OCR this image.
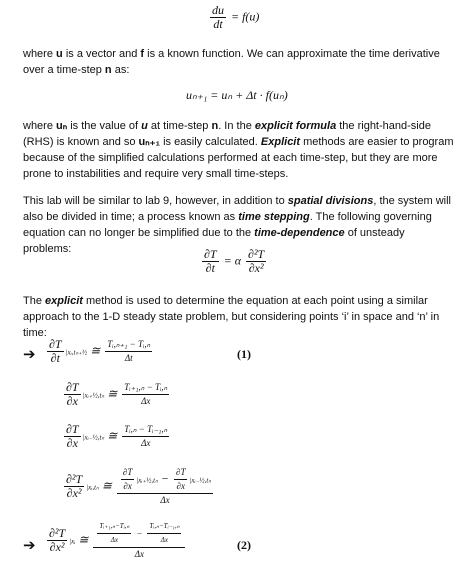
$\frac{du}{dt} = f(u)$
where u is a vector and f is a known function. We can approximate the time derivative over a time-step n as:
uₙ₊₁ = uₙ + Δt · f(uₙ)
where uₙ is the value of u at time-step n. In the explicit formula the right-hand-side (RHS) is known and so uₙ₊₁ is easily calculated. Explicit methods are easier to program because of the simplified calculations performed at each time-step, but they are more prone to instabilities and require very small time-steps.
This lab will be similar to lab 9, however, in addition to spatial divisions, the system will also be divided in time; a process known as time stepping. The following governing equation can no longer be simplified due to the time-dependence of unsteady problems:	$\frac{\partial T}{\partial t} = \alpha \frac{\text{∂²T}}{\text{∂x²}}$
The explicit method is used to determine the equation at each point using a similar approach to the 1-D steady state problem, but considering points ‘i’ in space and ‘n’ in time:
➔ $\frac{\partial T}{\partial t}$ |xᵢ,tₙ₊½ ≅ $\frac{\text{Tᵢ,ₙ₊₁ − Tᵢ,ₙ}}{\Delta t}$	(1)
$\frac{\partial T}{\partial x}$ |xᵢ₊½,tₙ ≅ $\frac{\text{Tᵢ₊₁,ₙ − Tᵢ,ₙ}}{\Delta x}$
$\frac{\partial T}{\partial x}$ |xᵢ₋½,tₙ ≅ $\frac{\text{Tᵢ,ₙ − Tᵢ₋₁,ₙ}}{\Delta x}$
$\frac{\text{∂²T}}{\text{∂x²}}$ |xᵢ,tₙ ≅ $\frac{\partial T}{\partial x}$ |xᵢ₊½,tₙ − $\frac{\partial T}{\partial x}$ |xᵢ₋½,tₙ
Δx
➔ $\frac{\text{∂²T}}{\text{∂x²}}$ |xᵢ ≅ $\frac{\text{Tᵢ₊₁,ₙ−Tᵢ,ₙ}}{\Delta x} - \frac{\text{Tᵢ,ₙ−Tᵢ₋₁,ₙ}}{\Delta x}$
Δx
(2)
